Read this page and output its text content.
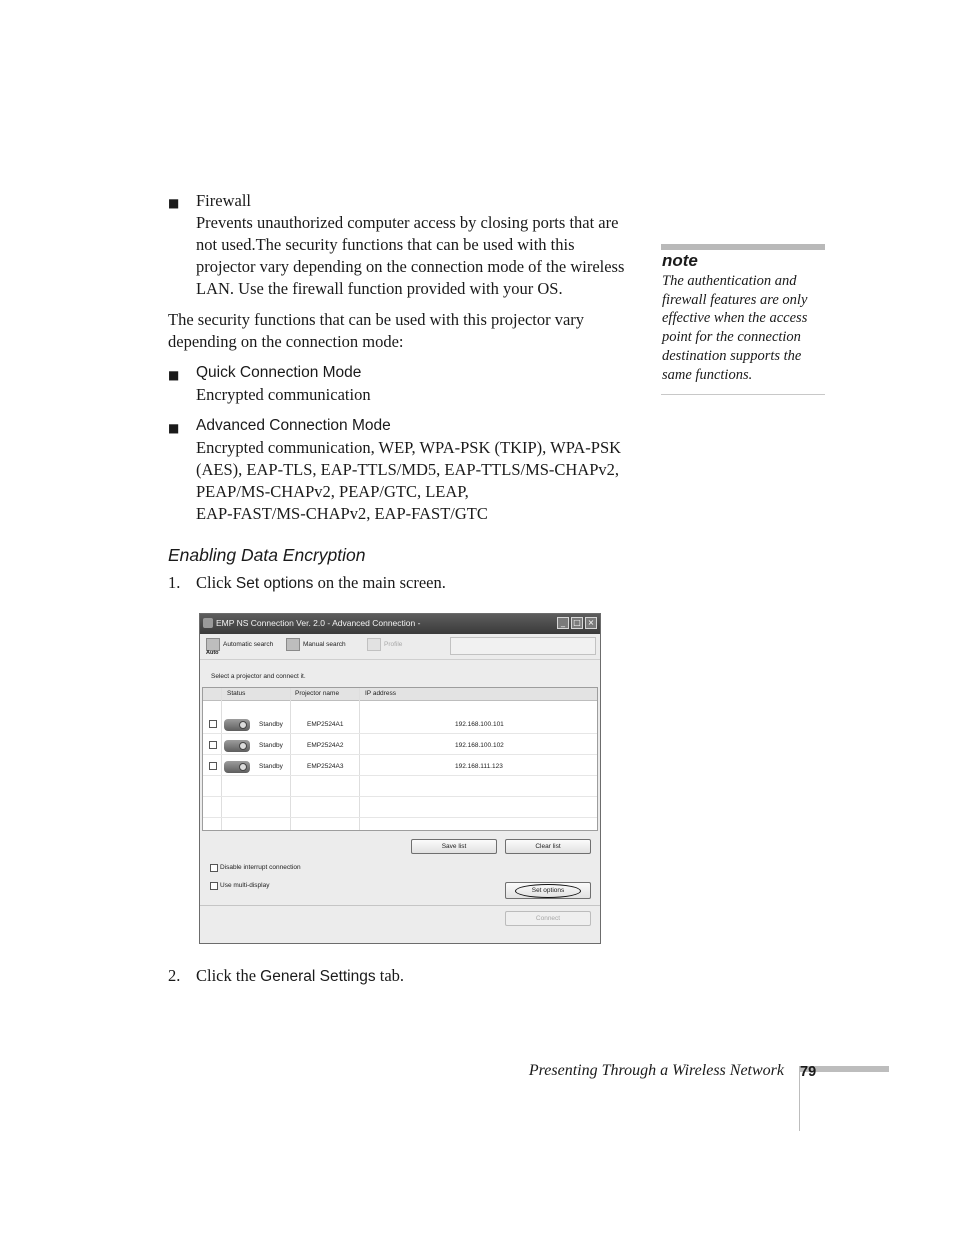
■ Firewall
Prevents unauthorized computer access by closing ports that are
not used.The security functions that can be used with this
projector vary depending on the connection mode of the wireless
LAN. Use the firewall function provided with your OS.
The security functions that can be used with this projector vary
depending on the connection mode:
■ Quick Connection Mode
Encrypted communication
■ Advanced Connection Mode
Encrypted communication, WEP, WPA-PSK (TKIP), WPA-PSK
(AES), EAP-TLS, EAP-TTLS/MD5, EAP-TTLS/MS-CHAPv2,
PEAP/MS-CHAPv2, PEAP/GTC, LEAP,
EAP-FAST/MS-CHAPv2, EAP-FAST/GTC
Enabling Data Encryption
1. Click Set options on the main screen.
note
The authentication and
firewall features are only
effective when the access
point for the connection
destination supports the
same functions.
EMP NS Connection Ver. 2.0 - Advanced Connection -	_	□ ×
Automatic search
Auto
Manual search	Profile
Select a projector and connect it.
Status	Projector name	IP address
Standby	EMP2524A1	192.168.100.101
Standby	EMP2524A2	192.168.100.102
Standby	EMP2524A3	192.168.111.123
Save list	Clear list
Disable interrupt connection
Use multi-display
Set options
Connect
2. Click the General Settings tab.
Presenting Through a Wireless Network 79
